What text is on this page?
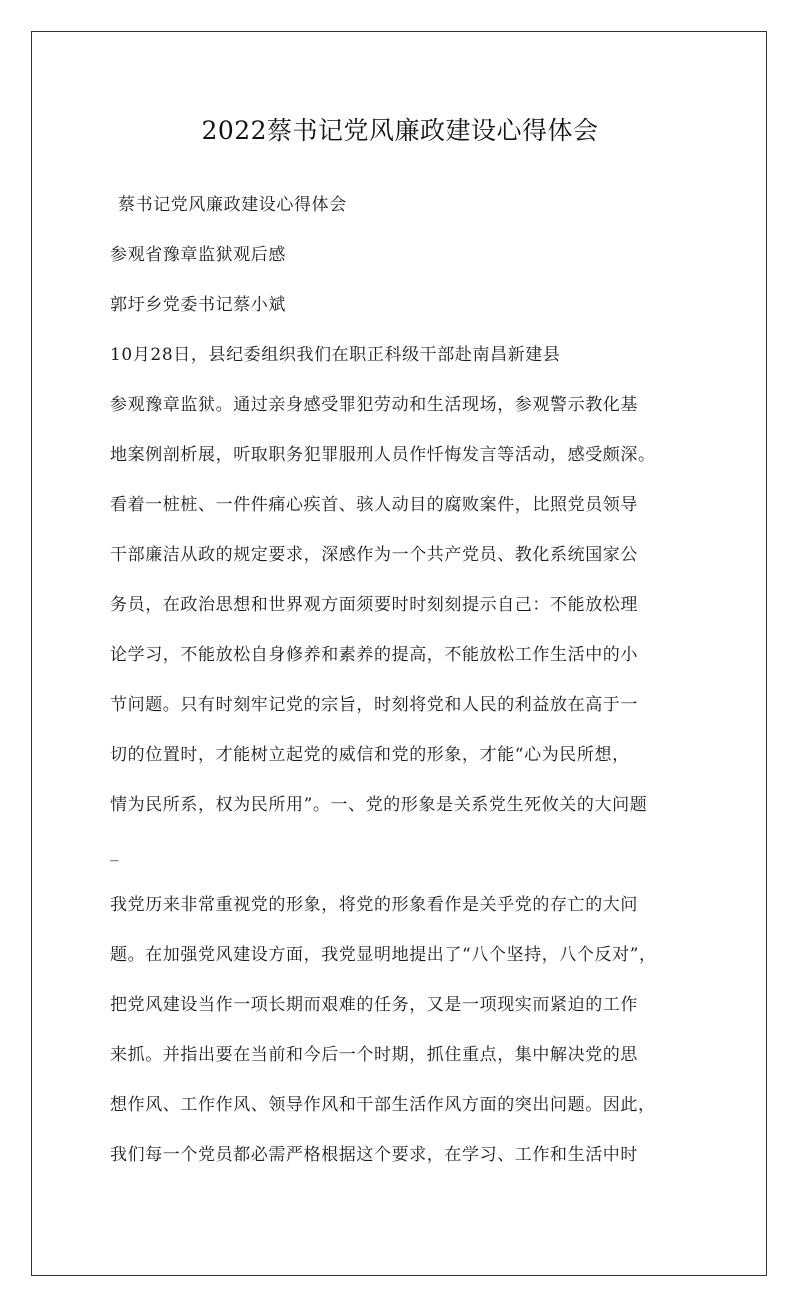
2022蔡书记党风廉政建设心得体会
蔡书记党风廉政建设心得体会
参观省豫章监狱观后感
郭圩乡党委书记蔡小斌
10月28日，县纪委组织我们在职正科级干部赴南昌新建县
参观豫章监狱。通过亲身感受罪犯劳动和生活现场，参观警示教化基
地案例剖析展，听取职务犯罪服刑人员作忏悔发言等活动，感受颇深。
看着一桩桩、一件件痛心疾首、骇人动目的腐败案件，比照党员领导
干部廉洁从政的规定要求，深感作为一个共产党员、教化系统国家公
务员，在政治思想和世界观方面须要时时刻刻提示自己：不能放松理
论学习，不能放松自身修养和素养的提高，不能放松工作生活中的小
节问题。只有时刻牢记党的宗旨，时刻将党和人民的利益放在高于一
切的位置时，才能树立起党的威信和党的形象，才能“心为民所想，
情为民所系，权为民所用”。一、党的形象是关系党生死攸关的大问题
_
我党历来非常重视党的形象，将党的形象看作是关乎党的存亡的大问
题。在加强党风建设方面，我党显明地提出了“八个坚持，八个反对”，
把党风建设当作一项长期而艰难的任务，又是一项现实而紧迫的工作
来抓。并指出要在当前和今后一个时期，抓住重点，集中解决党的思
想作风、工作作风、领导作风和干部生活作风方面的突出问题。因此，
我们每一个党员都必需严格根据这个要求，在学习、工作和生活中时
